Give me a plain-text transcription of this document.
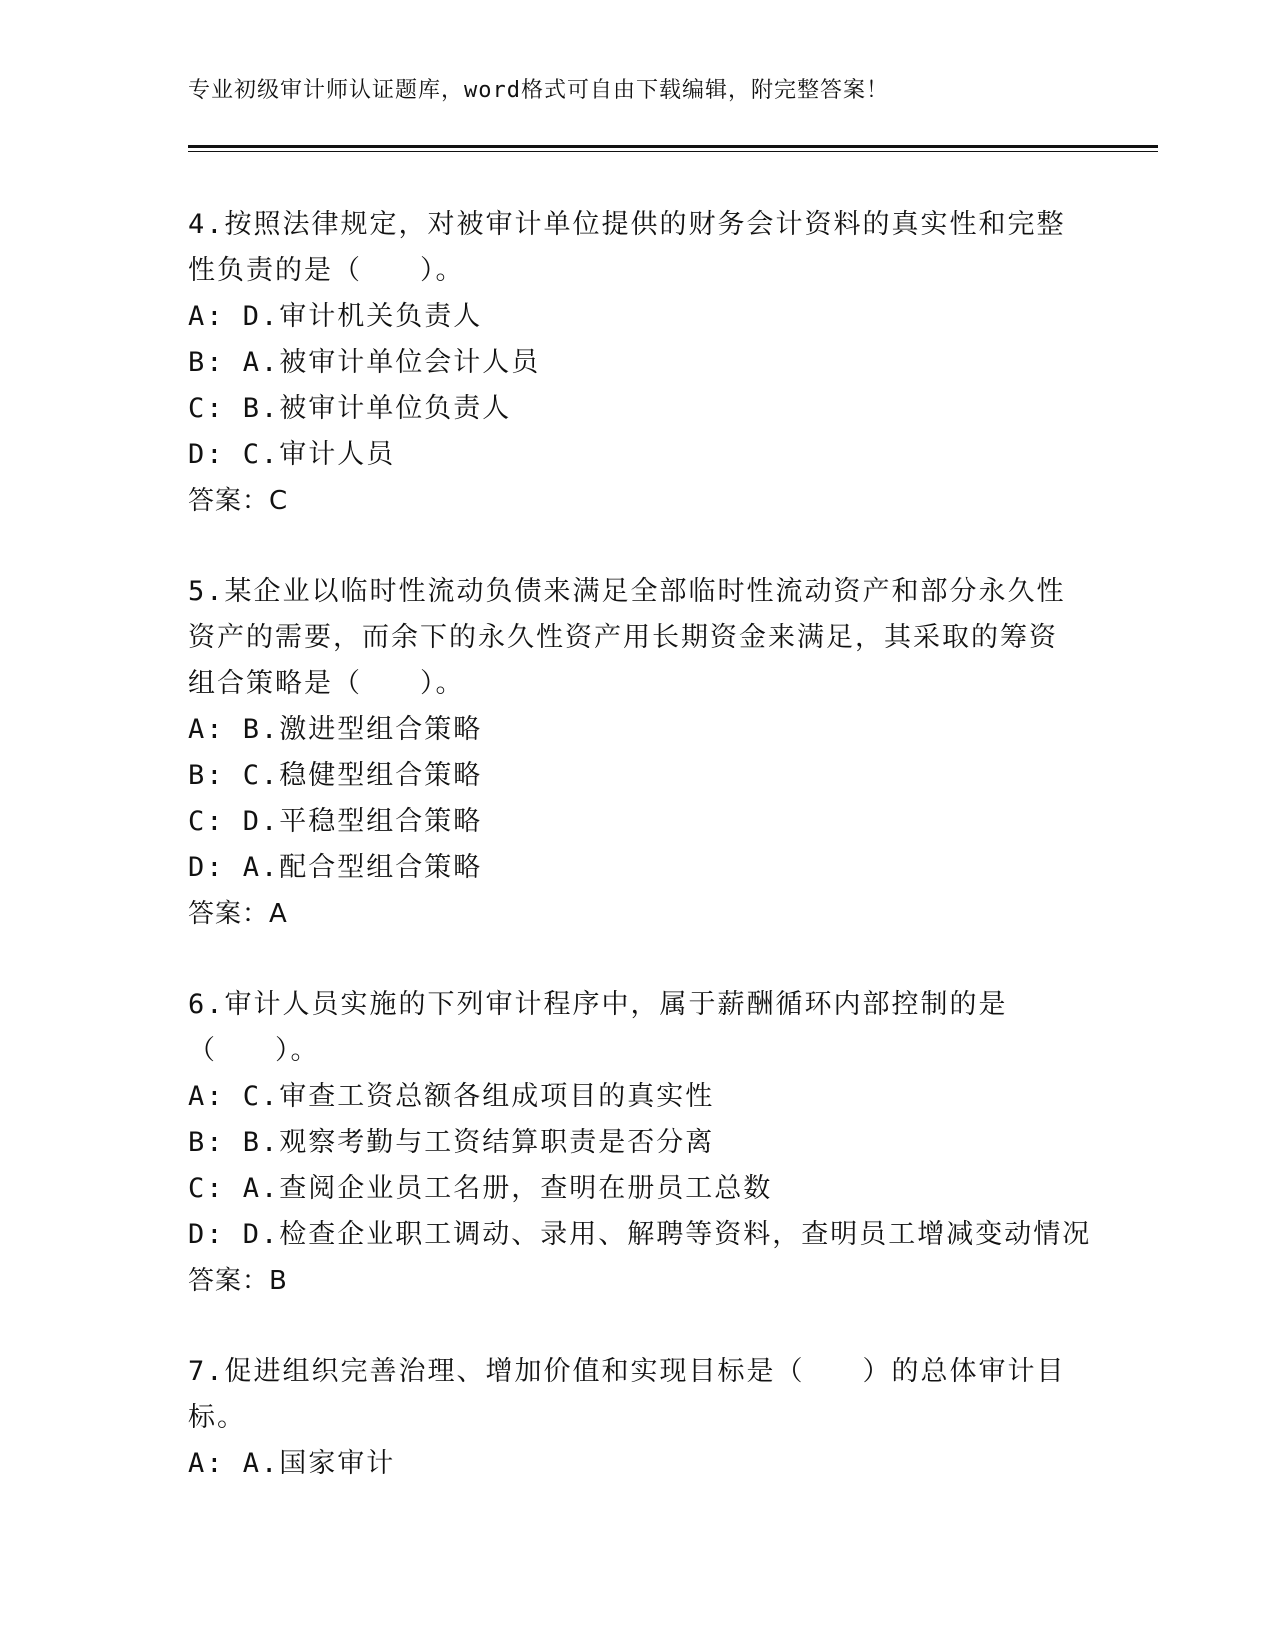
专业初级审计师认证题库，word格式可自由下载编辑，附完整答案！
4.按照法律规定，对被审计单位提供的财务会计资料的真实性和完整性负责的是（　　）。
A: D.审计机关负责人
B: A.被审计单位会计人员
C: B.被审计单位负责人
D: C.审计人员
答案：C
5.某企业以临时性流动负债来满足全部临时性流动资产和部分永久性资产的需要，而余下的永久性资产用长期资金来满足，其采取的筹资组合策略是（　　）。
A: B.激进型组合策略
B: C.稳健型组合策略
C: D.平稳型组合策略
D: A.配合型组合策略
答案：A
6.审计人员实施的下列审计程序中，属于薪酬循环内部控制的是（　　）。
A: C.审查工资总额各组成项目的真实性
B: B.观察考勤与工资结算职责是否分离
C: A.查阅企业员工名册，查明在册员工总数
D: D.检查企业职工调动、录用、解聘等资料，查明员工增减变动情况
答案：B
7.促进组织完善治理、增加价值和实现目标是（　　）的总体审计目标。
A: A.国家审计
